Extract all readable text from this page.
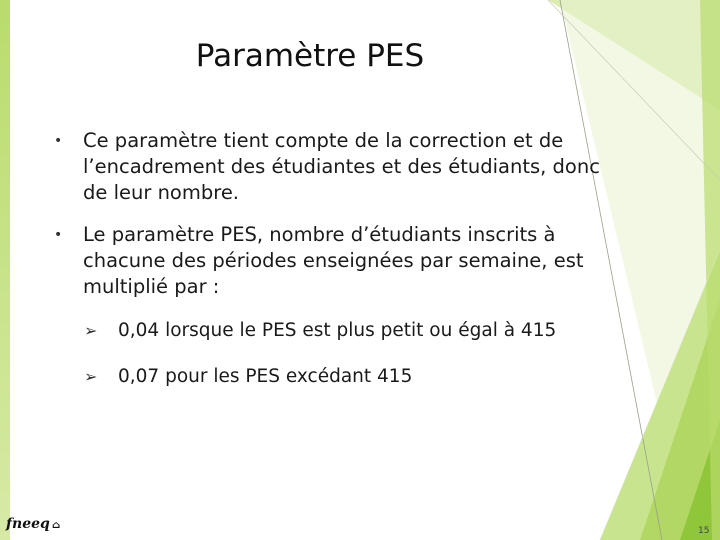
Paramètre PES
• Ce paramètre tient compte de la correction et de l’encadrement des étudiantes et des étudiants, donc de leur nombre.
• Le paramètre PES, nombre d’étudiants inscrits à chacune des périodes enseignées par semaine, est multiplié par :
➢ 0,04 lorsque le PES est plus petit ou égal à 415
➢ 0,07 pour les PES excédant 415
fneeq ⌂	15
